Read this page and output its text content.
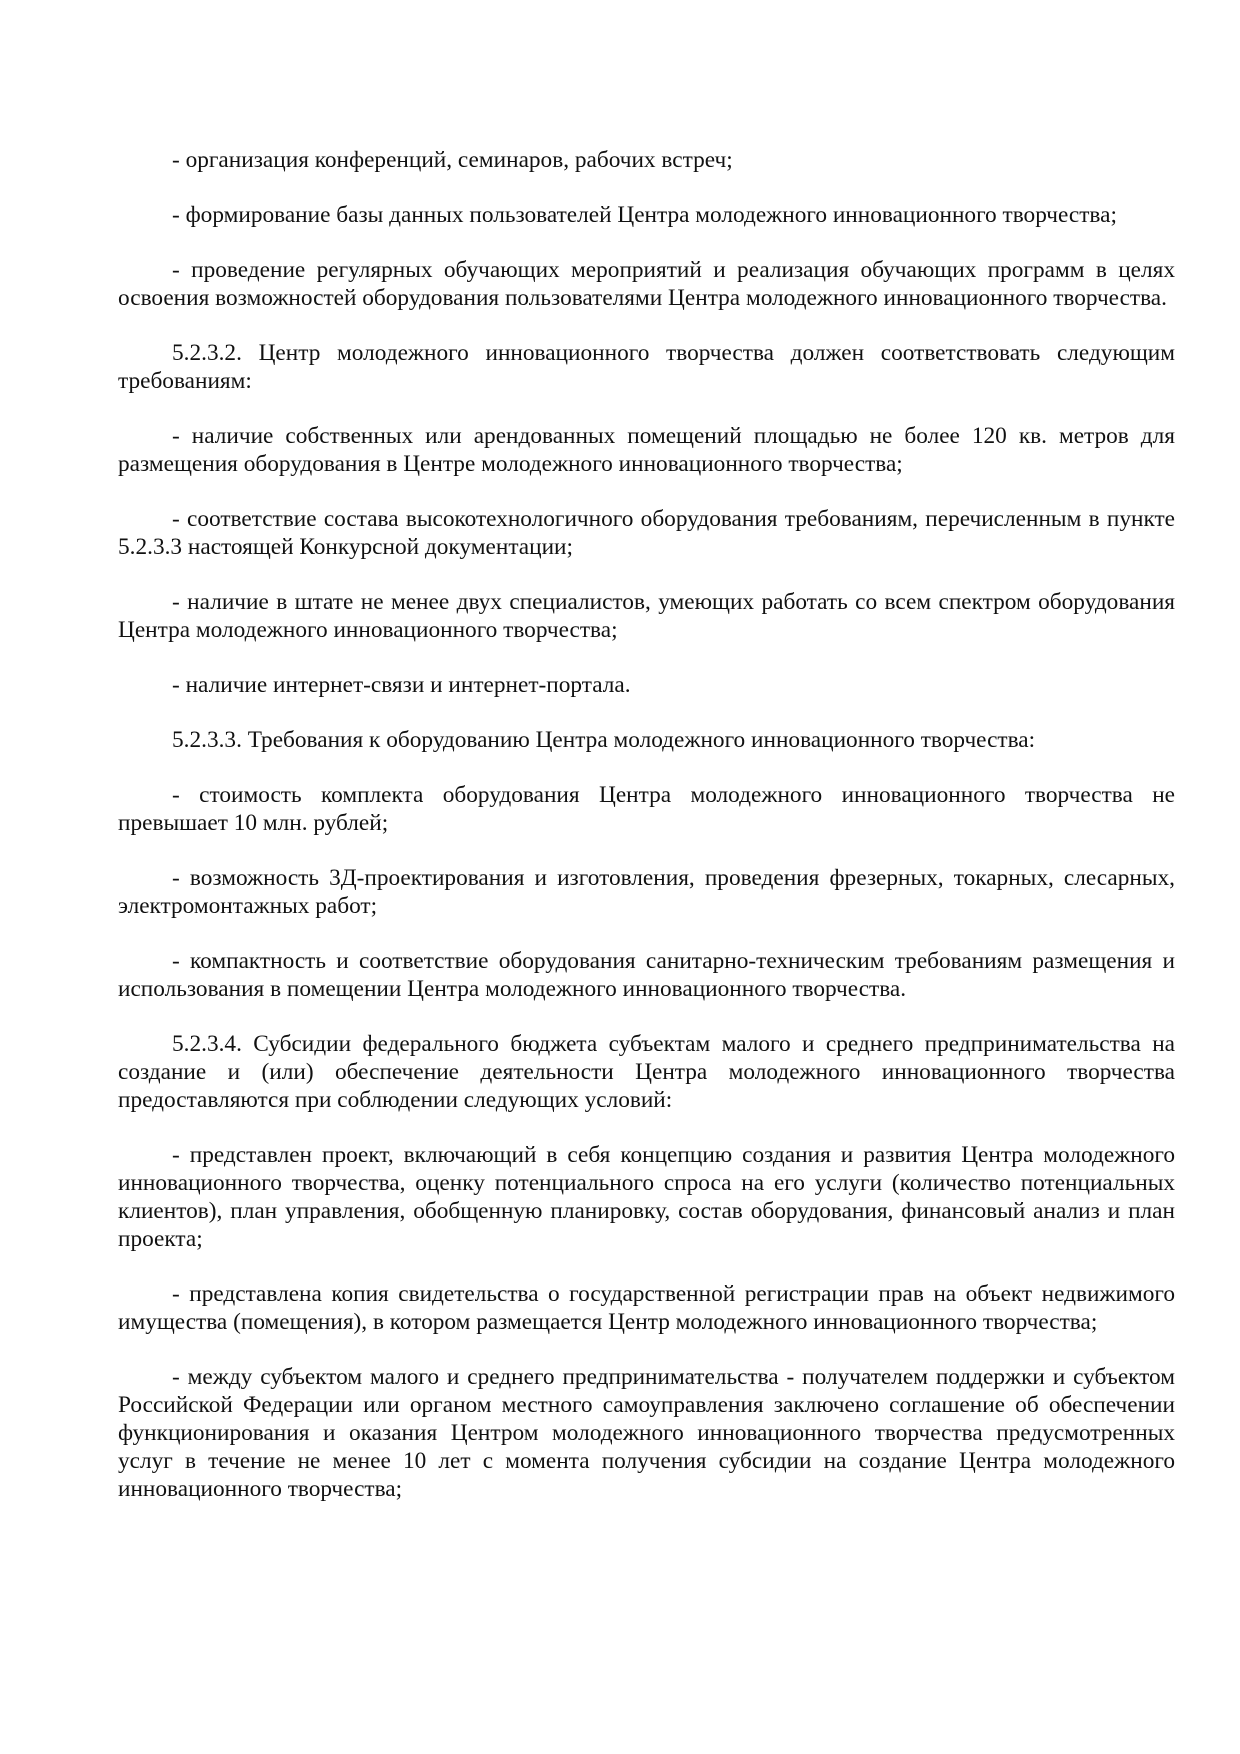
- организация конференций, семинаров, рабочих встреч;

- формирование базы данных пользователей Центра молодежного инновационного творчества;

- проведение регулярных обучающих мероприятий и реализация обучающих программ в целях освоения возможностей оборудования пользователями Центра молодежного инновационного творчества.

5.2.3.2. Центр молодежного инновационного творчества должен соответствовать следующим требованиям:

- наличие собственных или арендованных помещений площадью не более 120 кв. метров для размещения оборудования в Центре молодежного инновационного творчества;

- соответствие состава высокотехнологичного оборудования требованиям, перечисленным в пункте 5.2.3.3 настоящей Конкурсной документации;

- наличие в штате не менее двух специалистов, умеющих работать со всем спектром оборудования Центра молодежного инновационного творчества;

- наличие интернет-связи и интернет-портала.

5.2.3.3. Требования к оборудованию Центра молодежного инновационного творчества:

- стоимость комплекта оборудования Центра молодежного инновационного творчества не превышает 10 млн. рублей;

- возможность 3Д-проектирования и изготовления, проведения фрезерных, токарных, слесарных, электромонтажных работ;

- компактность и соответствие оборудования санитарно-техническим требованиям размещения и использования в помещении Центра молодежного инновационного творчества.

5.2.3.4. Субсидии федерального бюджета субъектам малого и среднего предпринимательства на создание и (или) обеспечение деятельности Центра молодежного инновационного творчества предоставляются при соблюдении следующих условий:

- представлен проект, включающий в себя концепцию создания и развития Центра молодежного инновационного творчества, оценку потенциального спроса на его услуги (количество потенциальных клиентов), план управления, обобщенную планировку, состав оборудования, финансовый анализ и план проекта;

- представлена копия свидетельства о государственной регистрации прав на объект недвижимого имущества (помещения), в котором размещается Центр молодежного инновационного творчества;

- между субъектом малого и среднего предпринимательства - получателем поддержки и субъектом Российской Федерации или органом местного самоуправления заключено соглашение об обеспечении функционирования и оказания Центром молодежного инновационного творчества предусмотренных услуг в течение не менее 10 лет с момента получения субсидии на создание Центра молодежного инновационного творчества;
